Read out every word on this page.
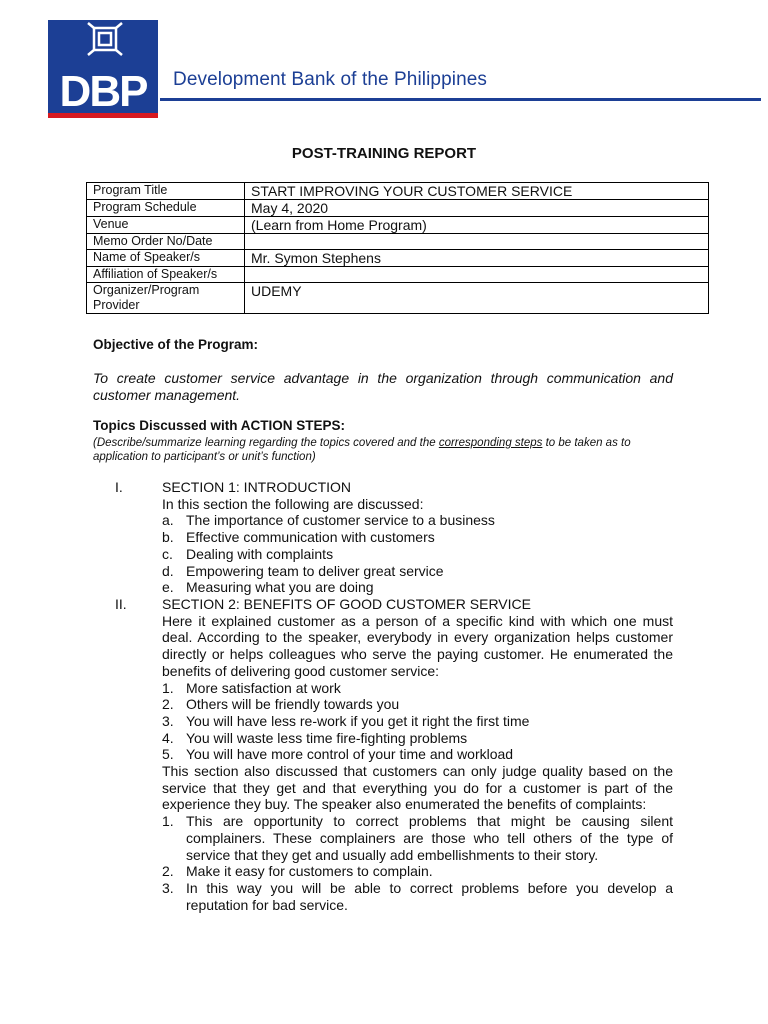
DBP Development Bank of the Philippines
POST-TRAINING REPORT
Program Title	START IMPROVING YOUR CUSTOMER SERVICE
Program Schedule	May 4, 2020
Venue	(Learn from Home Program)
Memo Order No/Date	
Name of Speaker/s	Mr. Symon Stephens
Affiliation of Speaker/s	
Organizer/Program Provider	UDEMY
Objective of the Program:
To create customer service advantage in the organization through communication and customer management.
Topics Discussed with ACTION STEPS:
(Describe/summarize learning regarding the topics covered and the corresponding steps to be taken as to application to participant’s or unit’s function)
I.	SECTION 1: INTRODUCTION
In this section the following are discussed:
a. The importance of customer service to a business
b. Effective communication with customers
c. Dealing with complaints
d. Empowering team to deliver great service
e. Measuring what you are doing
II.	SECTION 2: BENEFITS OF GOOD CUSTOMER SERVICE
Here it explained customer as a person of a specific kind with which one must deal. According to the speaker, everybody in every organization helps customer directly or helps colleagues who serve the paying customer. He enumerated the benefits of delivering good customer service:
1. More satisfaction at work
2. Others will be friendly towards you
3. You will have less re-work if you get it right the first time
4. You will waste less time fire-fighting problems
5. You will have more control of your time and workload
This section also discussed that customers can only judge quality based on the service that they get and that everything you do for a customer is part of the experience they buy. The speaker also enumerated the benefits of complaints:
1. This are opportunity to correct problems that might be causing silent complainers. These complainers are those who tell others of the type of service that they get and usually add embellishments to their story.
2. Make it easy for customers to complain.
3. In this way you will be able to correct problems before you develop a reputation for bad service.
